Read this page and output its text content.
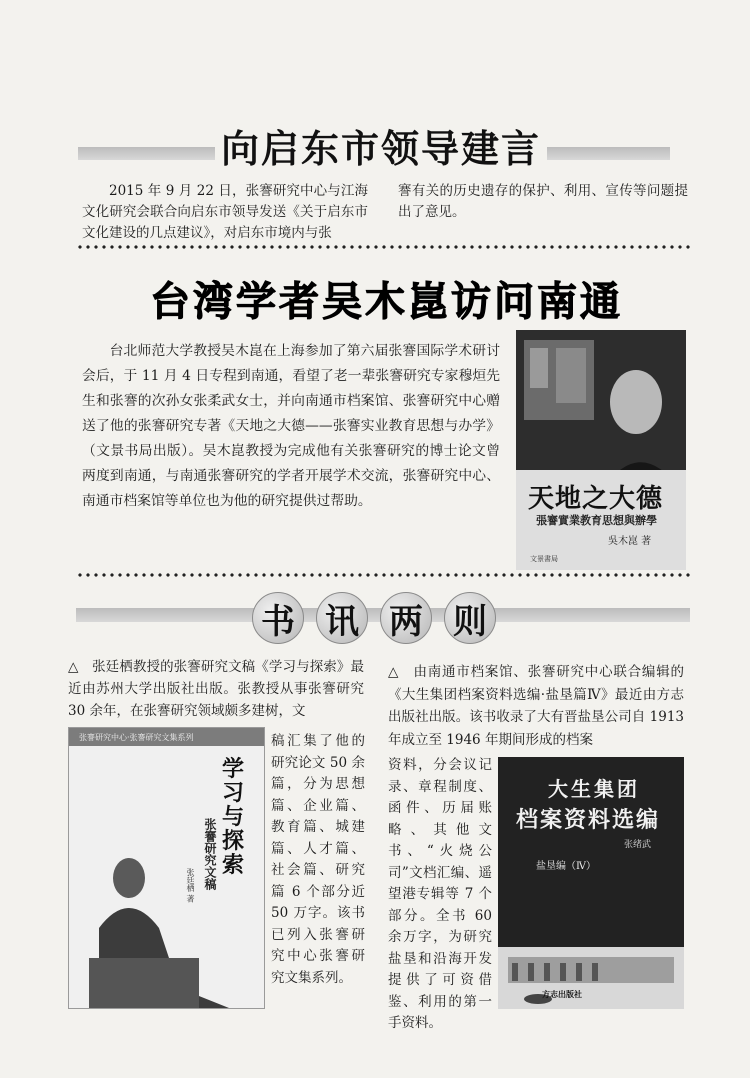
向启东市领导建言
2015 年 9 月 22 日，张謇研究中心与江海文化研究会联合向启东市领导发送《关于启东市文化建设的几点建议》，对启东市境内与张
謇有关的历史遗存的保护、利用、宣传等问题提出了意见。
台湾学者吴木崑访问南通
台北师范大学教授吴木崑在上海参加了第六届张謇国际学术研讨会后，于 11 月 4 日专程到南通，看望了老一辈张謇研究专家穆烜先生和张謇的次孙女张柔武女士，并向南通市档案馆、张謇研究中心赠送了他的张謇研究专著《天地之大德——张謇实业教育思想与办学》（文景书局出版）。吴木崑教授为完成他有关张謇研究的博士论文曾两度到南通，与南通张謇研究的学者开展学术交流，张謇研究中心、南通市档案馆等单位也为他的研究提供过帮助。	天地之大德
張謇實業教育思想與辦學
吳木崑 著
文景書局
书 讯 两 则
△　张廷栖教授的张謇研究文稿《学习与探索》最近由苏州大学出版社出版。张教授从事张謇研究 30 余年，在张謇研究领域颇多建树，文
张謇研究中心·张謇研究文集系列
学
习
与
探
索
张謇研究文稿
张廷栖 著
稿汇集了他的研究论文 50 余篇，分为思想篇、企业篇、教育篇、城建篇、人才篇、社会篇、研究篇 6 个部分近 50 万字。该书已列入张謇研究中心张謇研究文集系列。
△　由南通市档案馆、张謇研究中心联合编辑的《大生集团档案资料选编·盐垦篇Ⅳ》最近由方志出版社出版。该书收录了大有晋盐垦公司自 1913 年成立至 1946 年期间形成的档案
大生集团
档案资料选编
张绪武
盐垦编（Ⅳ）
方志出版社
资料，分会议记录、章程制度、函件、历届账略、其他文书、“火烧公司”文档汇编、遥望港专辑等 7 个部分。全书 60 余万字，为研究盐垦和沿海开发提供了可资借鉴、利用的第一手资料。
